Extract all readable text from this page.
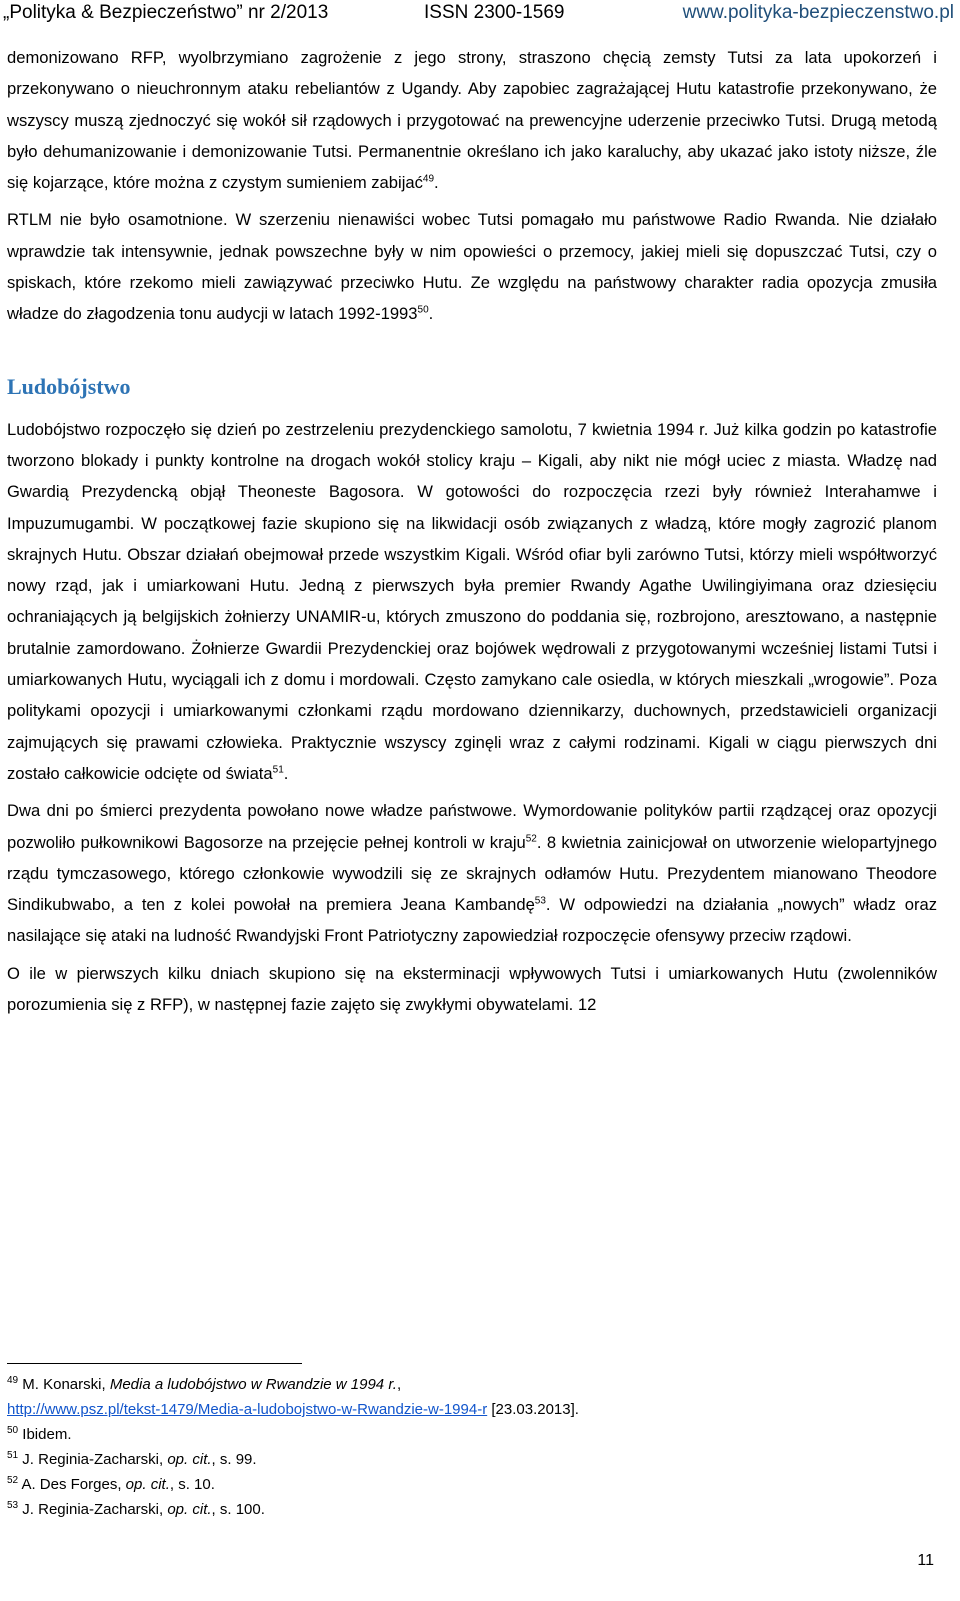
„Polityka & Bezpieczeństwo” nr 2/2013	ISSN 2300-1569	www.polityka-bezpieczenstwo.pl

demonizowano RFP, wyolbrzymiano zagrożenie z jego strony, straszono chęcią zemsty Tutsi za lata upokorzeń i przekonywano o nieuchronnym ataku rebeliantów z Ugandy. Aby zapobiec zagrażającej Hutu katastrofie przekonywano, że wszyscy muszą zjednoczyć się wokół sił rządowych i przygotować na prewencyjne uderzenie przeciwko Tutsi. Drugą metodą było dehumanizowanie i demonizowanie Tutsi. Permanentnie określano ich jako karaluchy, aby ukazać jako istoty niższe, źle się kojarzące, które można z czystym sumieniem zabijać$^{49}$.

RTLM nie było osamotnione. W szerzeniu nienawiści wobec Tutsi pomagało mu państwowe Radio Rwanda. Nie działało wprawdzie tak intensywnie, jednak powszechne były w nim opowieści o przemocy, jakiej mieli się dopuszczać Tutsi, czy o spiskach, które rzekomo mieli zawiązywać przeciwko Hutu. Ze względu na państwowy charakter radia opozycja zmusiła władze do złagodzenia tonu audycji w latach 1992-1993$^{50}$.

Ludobójstwo

Ludobójstwo rozpoczęło się dzień po zestrzeleniu prezydenckiego samolotu, 7 kwietnia 1994 r. Już kilka godzin po katastrofie tworzono blokady i punkty kontrolne na drogach wokół stolicy kraju – Kigali, aby nikt nie mógł uciec z miasta. Władzę nad Gwardią Prezydencką objął Theoneste Bagosora. W gotowości do rozpoczęcia rzezi były również Interahamwe i Impuzumugambi. W początkowej fazie skupiono się na likwidacji osób związanych z władzą, które mogły zagrozić planom skrajnych Hutu. Obszar działań obejmował przede wszystkim Kigali. Wśród ofiar byli zarówno Tutsi, którzy mieli współtworzyć nowy rząd, jak i umiarkowani Hutu. Jedną z pierwszych była premier Rwandy Agathe Uwilingiyimana oraz dziesięciu ochraniających ją belgijskich żołnierzy UNAMIR-u, których zmuszono do poddania się, rozbrojono, aresztowano, a następnie brutalnie zamordowano. Żołnierze Gwardii Prezydenckiej oraz bojówek wędrowali z przygotowanymi wcześniej listami Tutsi i umiarkowanych Hutu, wyciągali ich z domu i mordowali. Często zamykano cale osiedla, w których mieszkali „wrogowie”. Poza politykami opozycji i umiarkowanymi członkami rządu mordowano dziennikarzy, duchownych, przedstawicieli organizacji zajmujących się prawami człowieka. Praktycznie wszyscy zginęli wraz z całymi rodzinami. Kigali w ciągu pierwszych dni zostało całkowicie odcięte od świata$^{51}$.

Dwa dni po śmierci prezydenta powołano nowe władze państwowe. Wymordowanie polityków partii rządzącej oraz opozycji pozwoliło pułkownikowi Bagosorze na przejęcie pełnej kontroli w kraju$^{52}$. 8 kwietnia zainicjował on utworzenie wielopartyjnego rządu tymczasowego, którego członkowie wywodzili się ze skrajnych odłamów Hutu. Prezydentem mianowano Theodore Sindikubwabo, a ten z kolei powołał na premiera Jeana Kambandę$^{53}$. W odpowiedzi na działania „nowych” władz oraz nasilające się ataki na ludność Rwandyjski Front Patriotyczny zapowiedział rozpoczęcie ofensywy przeciw rządowi.

O ile w pierwszych kilku dniach skupiono się na eksterminacji wpływowych Tutsi i umiarkowanych Hutu (zwolenników porozumienia się z RFP), w następnej fazie zajęto się zwykłymi obywatelami. 12

$^{49}$ M. Konarski, Media a ludobójstwo w Rwandzie w 1994 r.,
http://www.psz.pl/tekst-1479/Media-a-ludobojstwo-w-Rwandzie-w-1994-r [23.03.2013].
$^{50}$ Ibidem.
$^{51}$ J. Reginia-Zacharski, op. cit., s. 99.
$^{52}$ A. Des Forges, op. cit., s. 10.
$^{53}$ J. Reginia-Zacharski, op. cit., s. 100.
11
